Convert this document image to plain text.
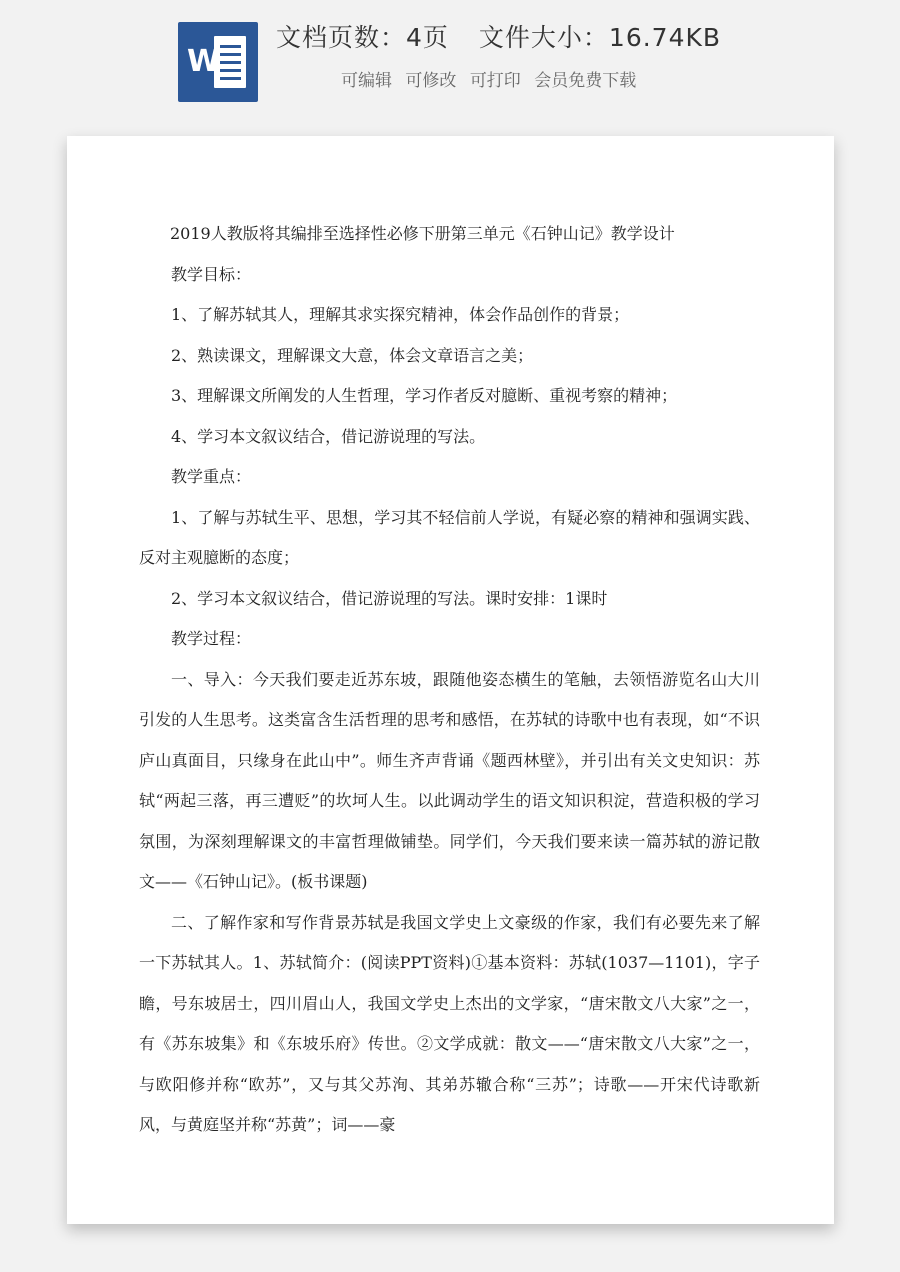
W
文档页数：4页 文件大小：16.74KB
可编辑 可修改 可打印 会员免费下载

2019人教版将其编排至选择性必修下册第三单元《石钟山记》教学设计

教学目标：

1、了解苏轼其人，理解其求实探究精神，体会作品创作的背景；

2、熟读课文，理解课文大意，体会文章语言之美；

3、理解课文所阐发的人生哲理，学习作者反对臆断、重视考察的精神；

4、学习本文叙议结合，借记游说理的写法。

教学重点：

1、了解与苏轼生平、思想，学习其不轻信前人学说，有疑必察的精神和强调实践、反对主观臆断的态度；

2、学习本文叙议结合，借记游说理的写法。课时安排：1课时

教学过程：

一、导入：今天我们要走近苏东坡，跟随他姿态横生的笔触，去领悟游览名山大川引发的人生思考。这类富含生活哲理的思考和感悟，在苏轼的诗歌中也有表现，如“不识庐山真面目，只缘身在此山中”。师生齐声背诵《题西林壁》，并引出有关文史知识：苏轼“两起三落，再三遭贬”的坎坷人生。以此调动学生的语文知识积淀，营造积极的学习氛围，为深刻理解课文的丰富哲理做铺垫。同学们，今天我们要来读一篇苏轼的游记散文——《石钟山记》。(板书课题)

二、了解作家和写作背景苏轼是我国文学史上文豪级的作家，我们有必要先来了解一下苏轼其人。1、苏轼简介：(阅读PPT资料)①基本资料：苏轼(1037—1101)，字子瞻，号东坡居士，四川眉山人，我国文学史上杰出的文学家，“唐宋散文八大家”之一，有《苏东坡集》和《东坡乐府》传世。②文学成就：散文——“唐宋散文八大家”之一，与欧阳修并称“欧苏”，又与其父苏洵、其弟苏辙合称“三苏”；诗歌——开宋代诗歌新风，与黄庭坚并称“苏黄”；词——豪
